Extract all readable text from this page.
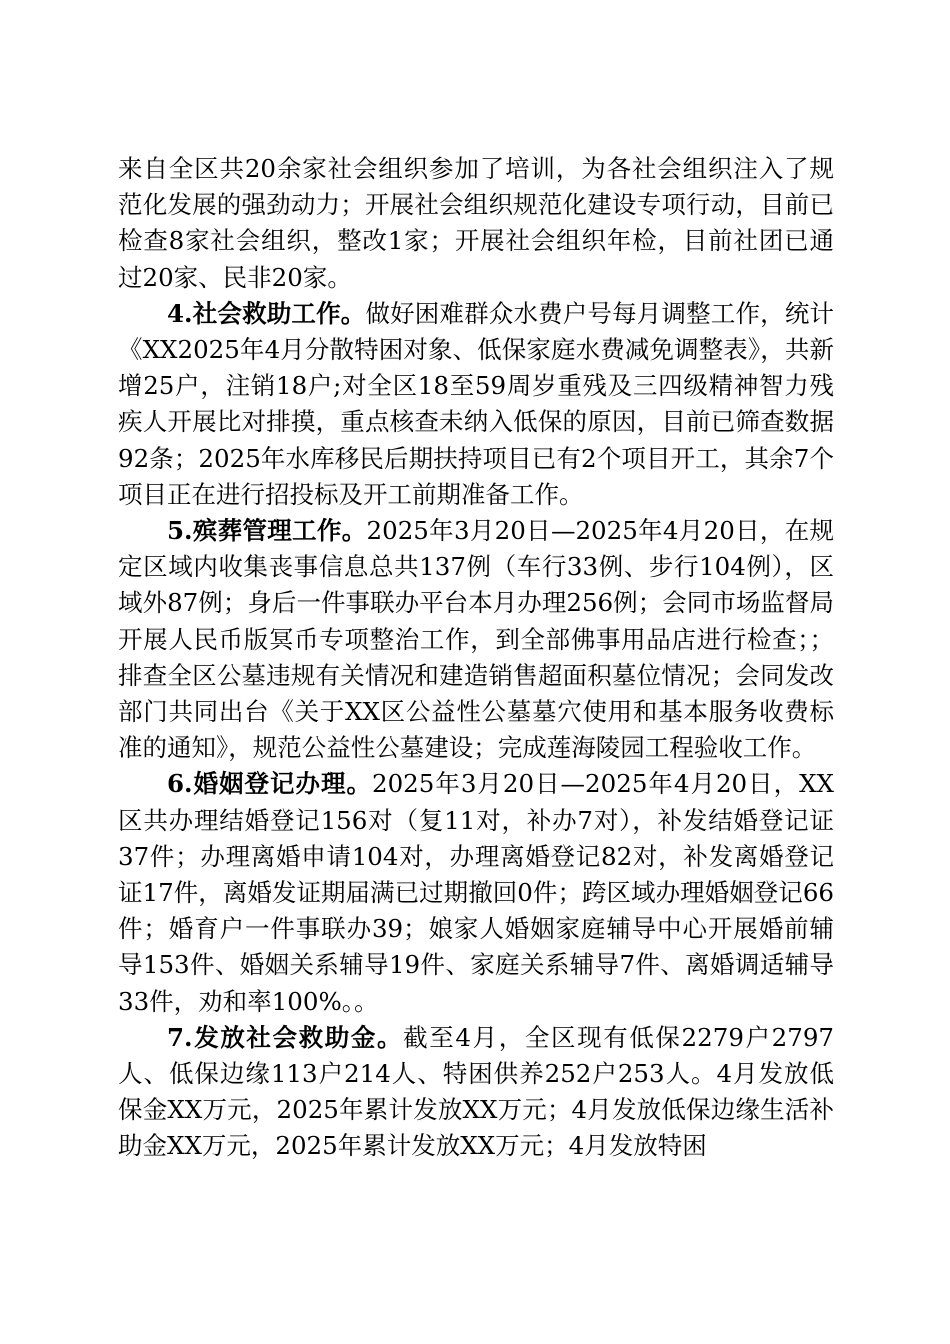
来自全区共20余家社会组织参加了培训，为各社会组织注入了规范化发展的强劲动力；开展社会组织规范化建设专项行动，目前已检查8家社会组织，整改1家；开展社会组织年检，目前社团已通过20家、民非20家。

4.社会救助工作。做好困难群众水费户号每月调整工作，统计《XX2025年4月分散特困对象、低保家庭水费减免调整表》，共新增25户，注销18户;对全区18至59周岁重残及三四级精神智力残疾人开展比对排摸，重点核查未纳入低保的原因，目前已筛查数据92条；2025年水库移民后期扶持项目已有2个项目开工，其余7个项目正在进行招投标及开工前期准备工作。

5.殡葬管理工作。2025年3月20日—2025年4月20日，在规定区域内收集丧事信息总共137例（车行33例、步行104例），区域外87例；身后一件事联办平台本月办理256例；会同市场监督局开展人民币版冥币专项整治工作，到全部佛事用品店进行检查；；排查全区公墓违规有关情况和建造销售超面积墓位情况；会同发改部门共同出台《关于XX区公益性公墓墓穴使用和基本服务收费标准的通知》，规范公益性公墓建设；完成莲海陵园工程验收工作。

6.婚姻登记办理。2025年3月20日—2025年4月20日，XX区共办理结婚登记156对（复11对，补办7对），补发结婚登记证37件；办理离婚申请104对，办理离婚登记82对，补发离婚登记证17件，离婚发证期届满已过期撤回0件；跨区域办理婚姻登记66件；婚育户一件事联办39；娘家人婚姻家庭辅导中心开展婚前辅导153件、婚姻关系辅导19件、家庭关系辅导7件、离婚调适辅导33件，劝和率100%。。

7.发放社会救助金。截至4月，全区现有低保2279户2797人、低保边缘113户214人、特困供养252户253人。4月发放低保金XX万元，2025年累计发放XX万元；4月发放低保边缘生活补助金XX万元，2025年累计发放XX万元；4月发放特困
